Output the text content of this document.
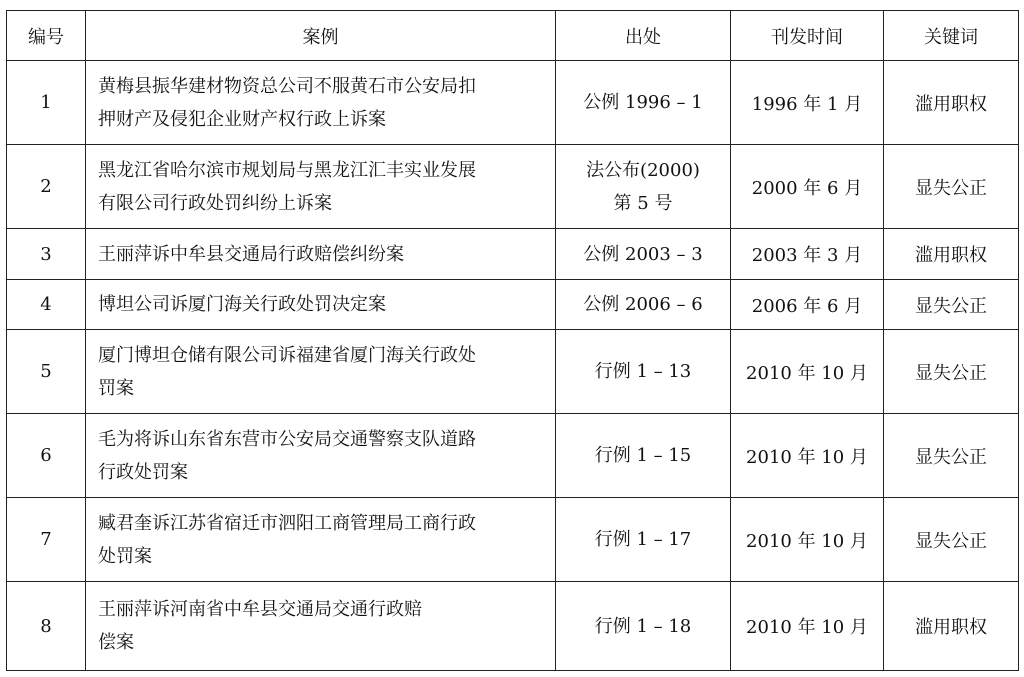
编号	案例	出处	刊发时间	关键词
1	黄梅县振华建材物资总公司不服黄石市公安局扣
押财产及侵犯企业财产权行政上诉案	公例 1996 – 1	1996 年 1 月	滥用职权
2	黑龙江省哈尔滨市规划局与黑龙江汇丰实业发展
有限公司行政处罚纠纷上诉案	法公布(2000)
第 5 号	2000 年 6 月	显失公正
3	王丽萍诉中牟县交通局行政赔偿纠纷案	公例 2003 – 3	2003 年 3 月	滥用职权
4	博坦公司诉厦门海关行政处罚决定案	公例 2006 – 6	2006 年 6 月	显失公正
5	厦门博坦仓储有限公司诉福建省厦门海关行政处
罚案	行例 1 – 13	2010 年 10 月	显失公正
6	毛为将诉山东省东营市公安局交通警察支队道路
行政处罚案	行例 1 – 15	2010 年 10 月	显失公正
7	臧君奎诉江苏省宿迁市泗阳工商管理局工商行政
处罚案	行例 1 – 17	2010 年 10 月	显失公正
8	王丽萍诉河南省中牟县交通局交通行政赔
偿案	行例 1 – 18	2010 年 10 月	滥用职权
